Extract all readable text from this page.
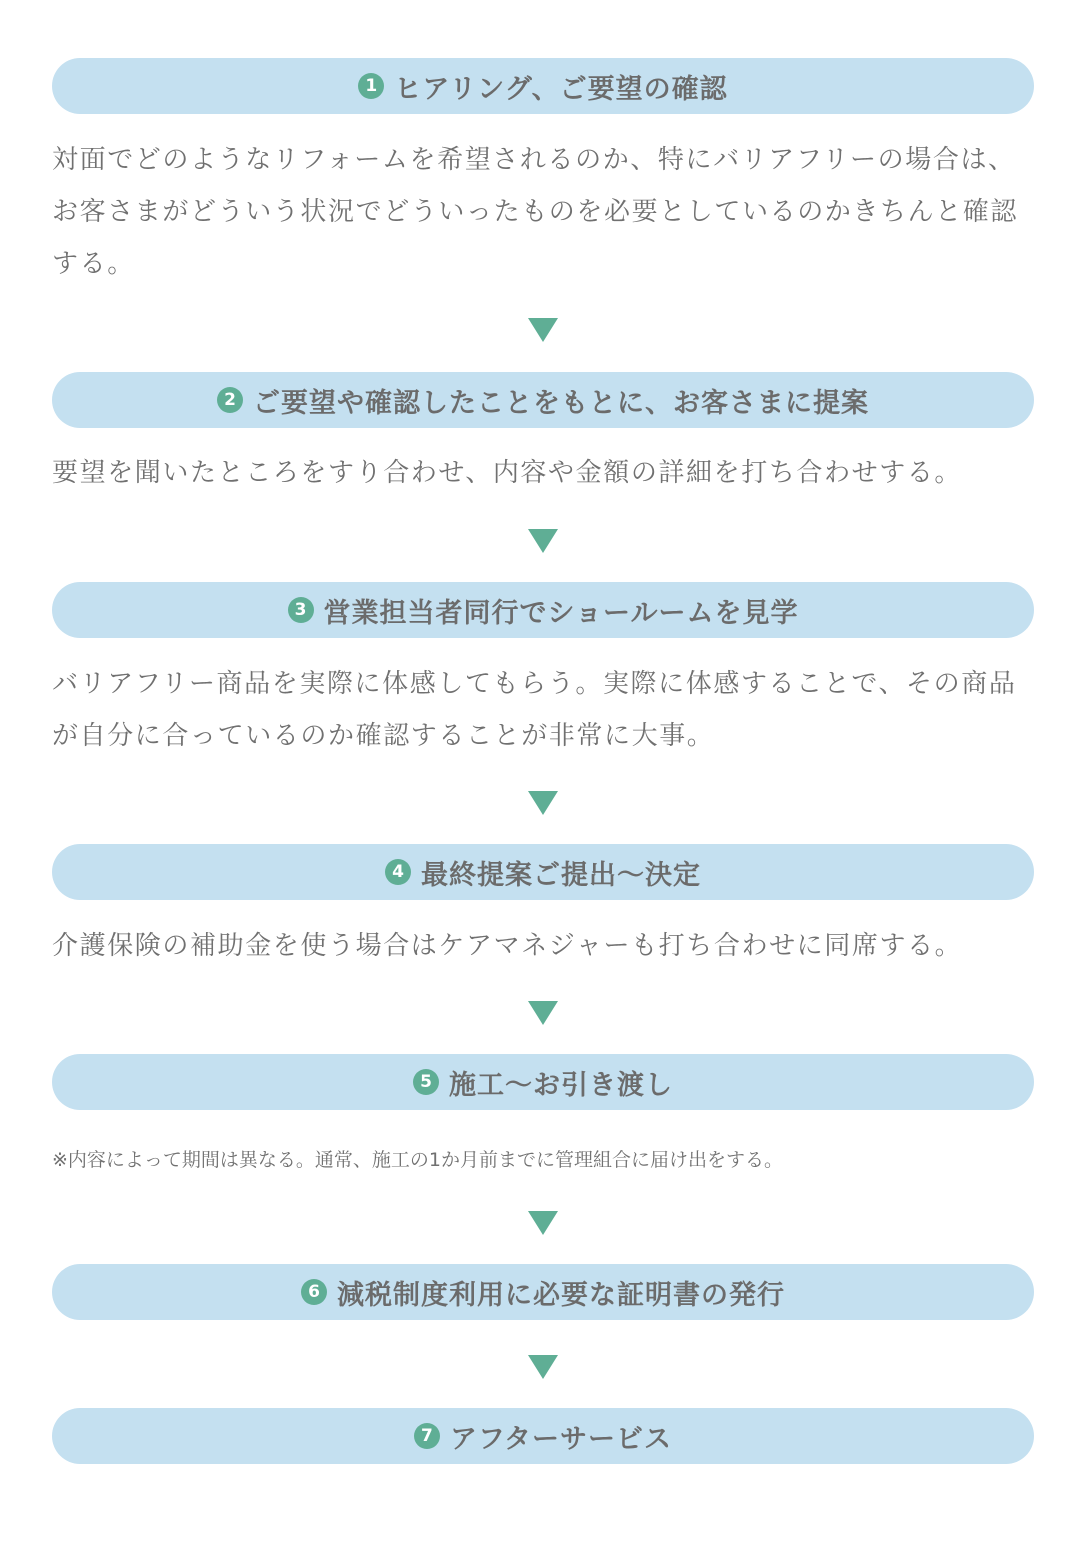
1 ヒアリング、ご要望の確認

対面でどのようなリフォームを希望されるのか、特にバリアフリーの場合は、お客さまがどういう状況でどういったものを必要としているのかきちんと確認する。

2 ご要望や確認したことをもとに、お客さまに提案

要望を聞いたところをすり合わせ、内容や金額の詳細を打ち合わせする。

3 営業担当者同行でショールームを見学

バリアフリー商品を実際に体感してもらう。実際に体感することで、その商品が自分に合っているのか確認することが非常に大事。

4 最終提案ご提出～決定

介護保険の補助金を使う場合はケアマネジャーも打ち合わせに同席する。

5 施工～お引き渡し

※内容によって期間は異なる。通常、施工の1か月前までに管理組合に届け出をする。

6 減税制度利用に必要な証明書の発行
7 アフターサービス
